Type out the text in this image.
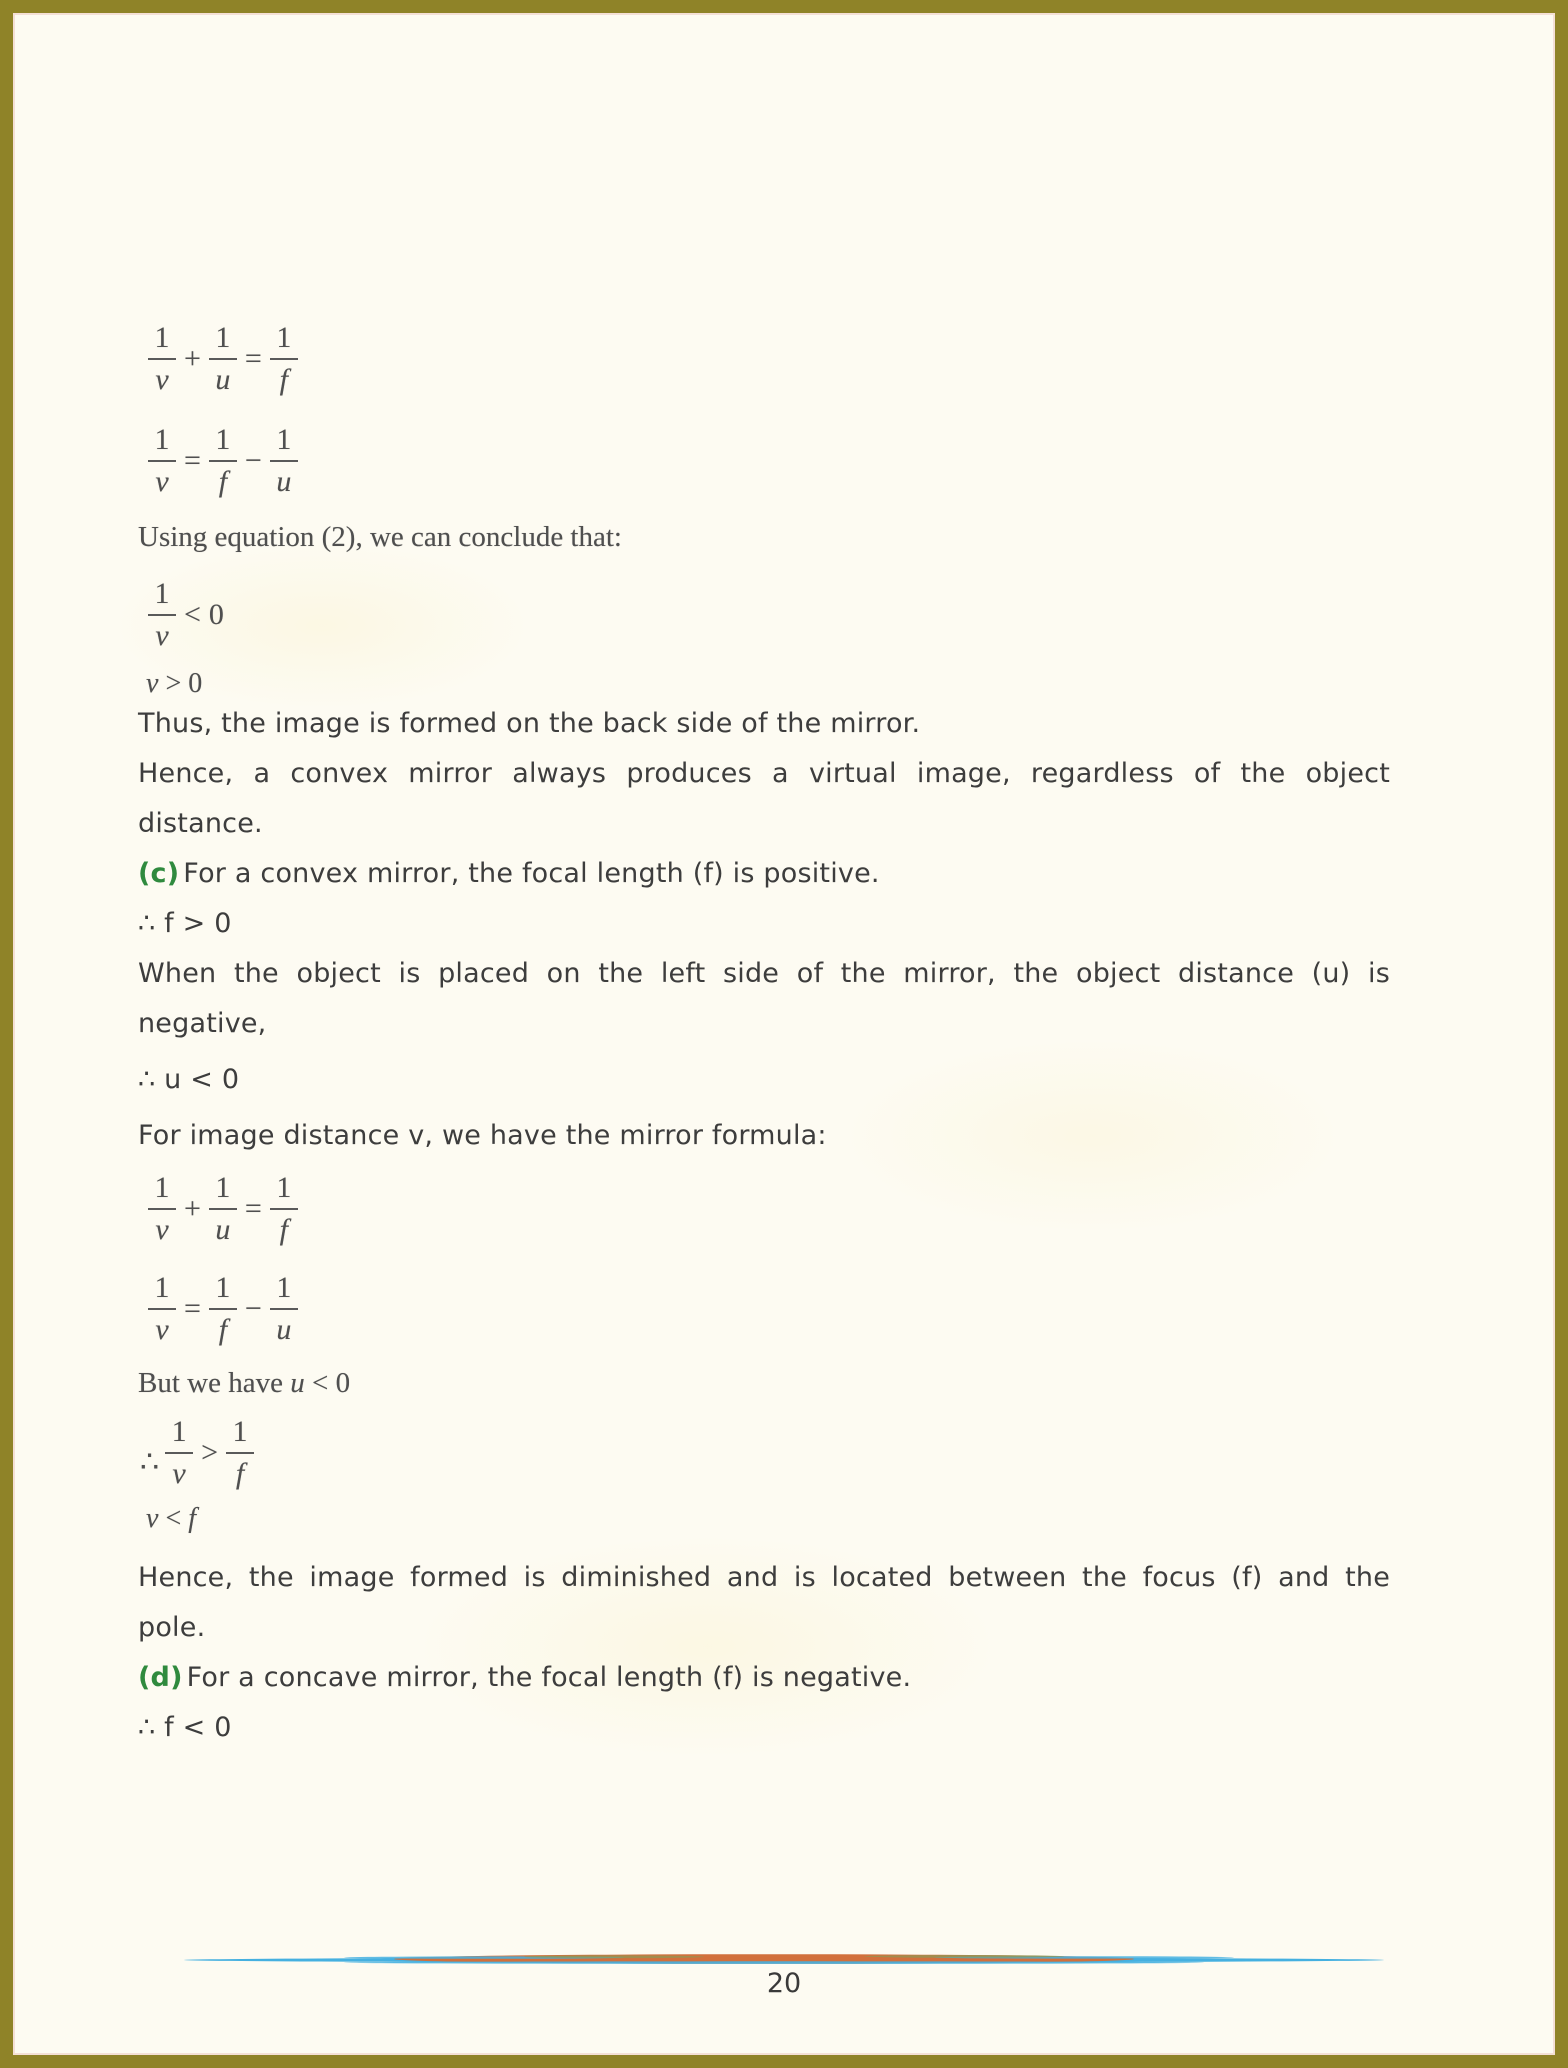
$\frac{1}{v} + \frac{1}{u} = \frac{1}{f}$
$\frac{1}{v} = \frac{1}{f} - \frac{1}{u}$
Using equation (2), we can conclude that:
$\frac{1}{v} < 0$
v > 0
Thus, the image is formed on the back side of the mirror.
Hence, a convex mirror always produces a virtual image, regardless of the object
distance.
(c) For a convex mirror, the focal length (f) is positive.
∴ f > 0
When the object is placed on the left side of the mirror, the object distance (u) is
negative,
∴ u < 0
For image distance v, we have the mirror formula:
$\frac{1}{v} + \frac{1}{u} = \frac{1}{f}$
$\frac{1}{v} = \frac{1}{f} - \frac{1}{u}$
But we have u < 0
∴ $\frac{1}{v} > \frac{1}{f}$
v < f
Hence, the image formed is diminished and is located between the focus (f) and the
pole.
(d) For a concave mirror, the focal length (f) is negative.
∴ f < 0
20
